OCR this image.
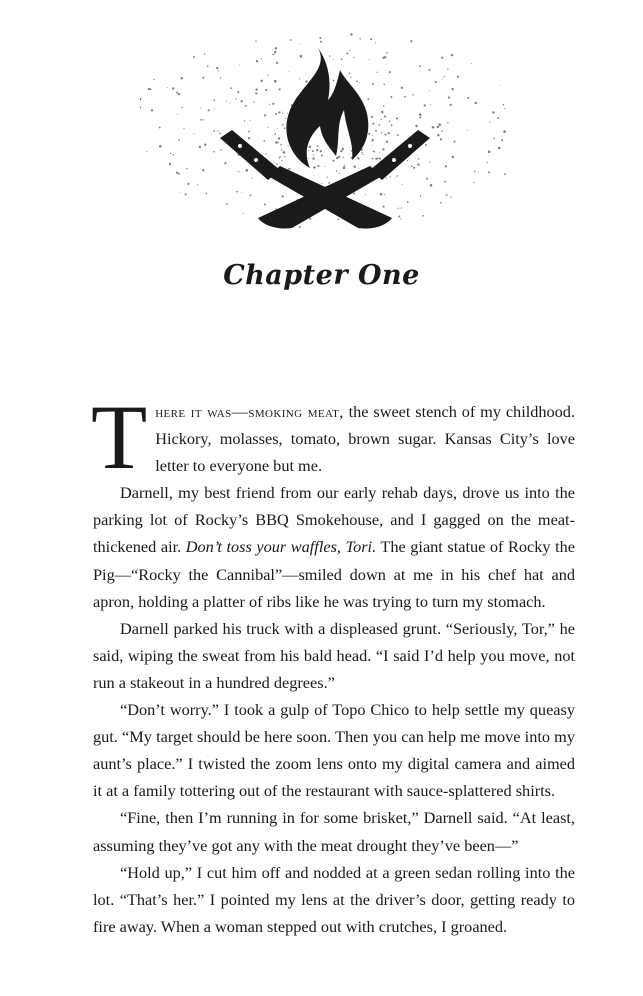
Chapter One

There it was—smoking meat, the sweet stench of my childhood. Hickory, molasses, tomato, brown sugar. Kansas City’s love letter to everyone but me.

Darnell, my best friend from our early rehab days, drove us into the parking lot of Rocky’s BBQ Smokehouse, and I gagged on the meat-thickened air. Don’t toss your waffles, Tori. The giant statue of Rocky the Pig—“Rocky the Cannibal”—smiled down at me in his chef hat and apron, holding a platter of ribs like he was trying to turn my stomach.

Darnell parked his truck with a displeased grunt. “Seriously, Tor,” he said, wiping the sweat from his bald head. “I said I’d help you move, not run a stakeout in a hundred degrees.”

“Don’t worry.” I took a gulp of Topo Chico to help settle my queasy gut. “My target should be here soon. Then you can help me move into my aunt’s place.” I twisted the zoom lens onto my digital camera and aimed it at a family tottering out of the restaurant with sauce-splattered shirts.

“Fine, then I’m running in for some brisket,” Darnell said. “At least, assuming they’ve got any with the meat drought they’ve been—”

“Hold up,” I cut him off and nodded at a green sedan rolling into the lot. “That’s her.” I pointed my lens at the driver’s door, getting ready to fire away. When a woman stepped out with crutches, I groaned.
